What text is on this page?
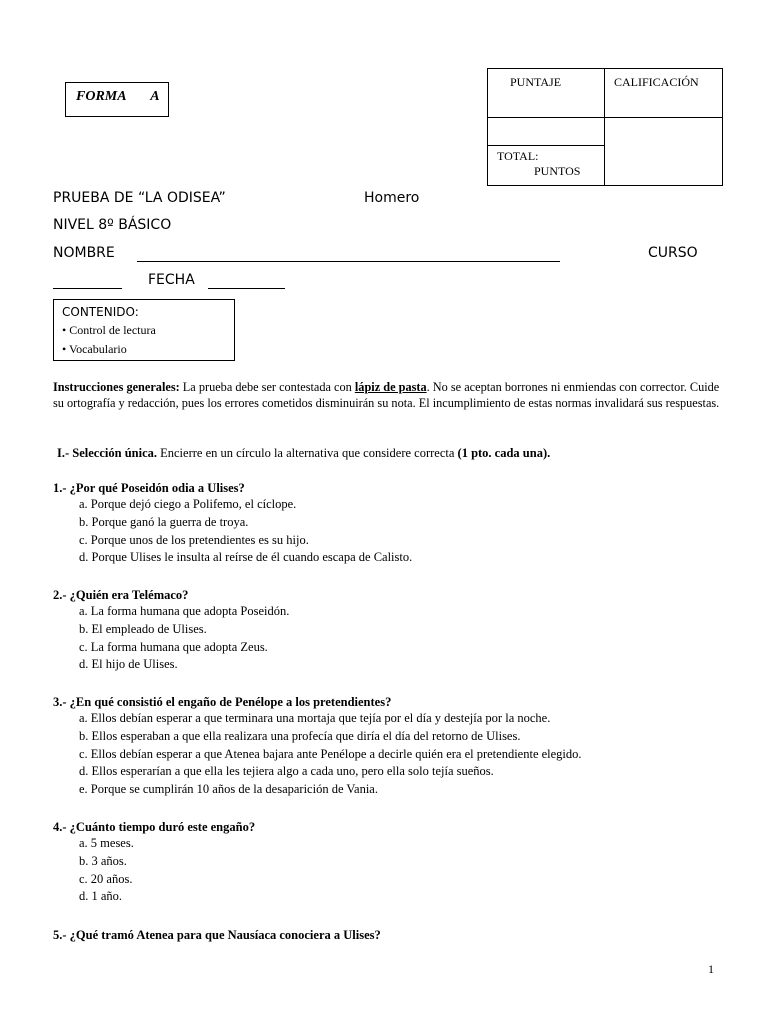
FORMA A
PUNTAJE	CALIFICACIÓN
TOTAL:
PUNTOS
PRUEBA DE “LA ODISEA”	Homero
NIVEL 8º BÁSICO
NOMBRE	CURSO
FECHA
CONTENIDO:
• Control de lectura
• Vocabulario
Instrucciones generales: La prueba debe ser contestada con lápiz de pasta. No se aceptan borrones ni enmiendas con corrector. Cuide su ortografía y redacción, pues los errores cometidos disminuirán su nota. El incumplimiento de estas normas invalidará sus respuestas.
I.- Selección única. Encierre en un círculo la alternativa que considere correcta (1 pto. cada una).
1.- ¿Por qué Poseidón odia a Ulises?
a. Porque dejó ciego a Polifemo, el cíclope.
b. Porque ganó la guerra de troya.
c. Porque unos de los pretendientes es su hijo.
d. Porque Ulises le insulta al reírse de él cuando escapa de Calisto.
2.- ¿Quién era Telémaco?
a. La forma humana que adopta Poseidón.
b. El empleado de Ulises.
c. La forma humana que adopta Zeus.
d. El hijo de Ulises.
3.- ¿En qué consistió el engaño de Penélope a los pretendientes?
a. Ellos debían esperar a que terminara una mortaja que tejía por el día y destejía por la noche.
b. Ellos esperaban a que ella realizara una profecía que diría el día del retorno de Ulises.
c. Ellos debían esperar a que Atenea bajara ante Penélope a decirle quién era el pretendiente elegido.
d. Ellos esperarían a que ella les tejiera algo a cada uno, pero ella solo tejía sueños.
e. Porque se cumplirán 10 años de la desaparición de Vania.
4.- ¿Cuánto tiempo duró este engaño?
a. 5 meses.
b. 3 años.
c. 20 años.
d. 1 año.
5.- ¿Qué tramó Atenea para que Nausíaca conociera a Ulises?
1
